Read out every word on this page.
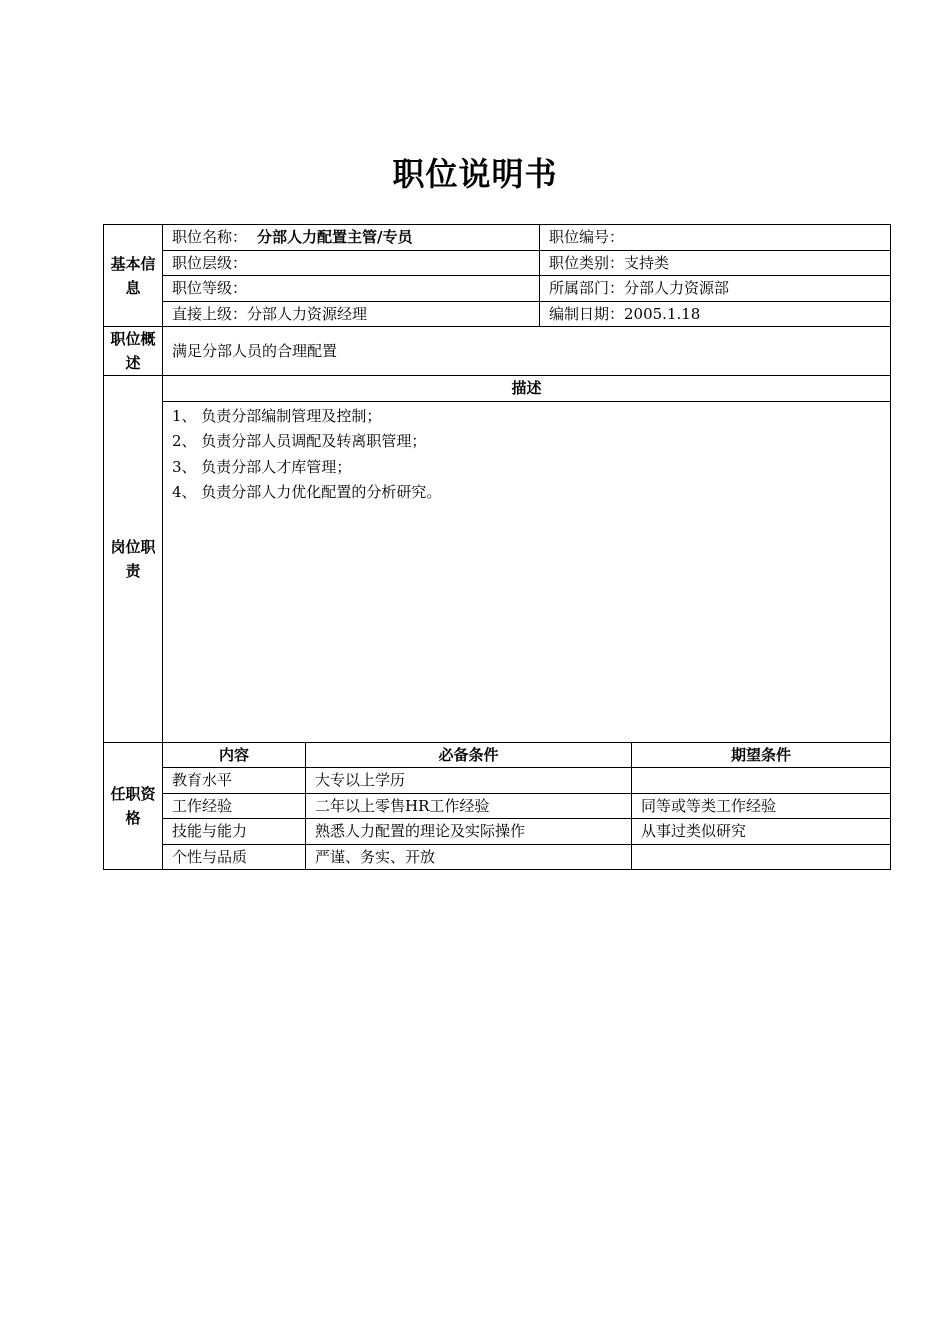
职位说明书
基本信息	职位名称： 分部人力配置主管/专员		职位编号：	
	职位层级：		职位类别：支持类	
	职位等级：		所属部门：分部人力资源部	
	直接上级：分部人力资源经理		编制日期：2005.1.18	
职位概述	满足分部人员的合理配置			
岗位职责	描述			

	1、 负责分部编制管理及控制；
2、 负责分部人员调配及转离职管理；
3、 负责分部人才库管理；
4、 负责分部人力优化配置的分析研究。			

任职资格	内容	必备条件		期望条件
	教育水平	大专以上学历		
	工作经验	二年以上零售HR工作经验		同等或等类工作经验
	技能与能力	熟悉人力配置的理论及实际操作		从事过类似研究
	个性与品质	严谨、务实、开放		
